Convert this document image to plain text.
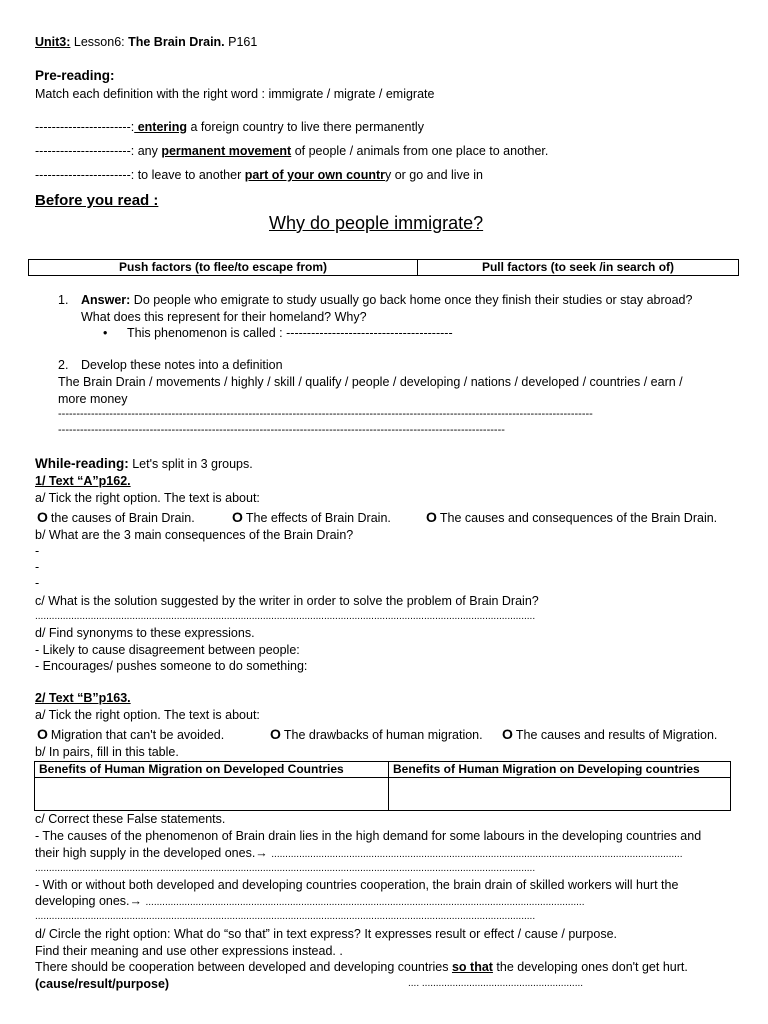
Unit3: Lesson6: The Brain Drain. P161
Pre-reading:
Match each definition with the right word : immigrate / migrate / emigrate
-----------------------: entering a foreign country to live there permanently
-----------------------: any permanent movement of people / animals from one place to another.
-----------------------: to leave to another part of your own country or go and live in
Before you read :
Why do people immigrate?
Push factors (to flee/to escape from)	Pull factors (to seek /in search of)
1. Answer: Do people who emigrate to study usually go back home once they finish their studies or stay abroad?
What does this represent for their homeland? Why?
• This phenomenon is called : ----------------------------------------
2. Develop these notes into a definition
The Brain Drain / movements / highly / skill / qualify / people / developing / nations / developed / countries / earn /
more money
--------------------------------------------------------------------------------------------------------------------------------------------------
--------------------------------------------------------------------------------------------------------------------------
While-reading: Let's split in 3 groups.
1/ Text “A”p162.
a/ Tick the right option. The text is about:
O the causes of Brain Drain.	O The effects of Brain Drain.	O The causes and consequences of the Brain Drain.
b/ What are the 3 main consequences of the Brain Drain?
-
-
-
c/ What is the solution suggested by the writer in order to solve the problem of Brain Drain?
....................................................................................................................................................................................
d/ Find synonyms to these expressions.
- Likely to cause disagreement between people:
- Encourages/ pushes someone to do something:
2/ Text “B”p163.
a/ Tick the right option. The text is about:
O Migration that can't be avoided.	O The drawbacks of human migration. O The causes and results of Migration.
b/ In pairs, fill in this table.
Benefits of Human Migration on Developed Countries	Benefits of Human Migration on Developing countries

c/ Correct these False statements.
- The causes of the phenomenon of Brain drain lies in the high demand for some labours in the developing countries and
their high supply in the developed ones.→ ....................................................................................................................................................
....................................................................................................................................................................................
- With or without both developed and developing countries cooperation, the brain drain of skilled workers will hurt the
developing ones.→ ..............................................................................................................................................................
....................................................................................................................................................................................
d/ Circle the right option: What do “so that” in text express? It expresses result or effect / cause / purpose.
Find their meaning and use other expressions instead. .
There should be cooperation between developed and developing countries so that the developing ones don't get hurt.
(cause/result/purpose)	.... ..........................................................
